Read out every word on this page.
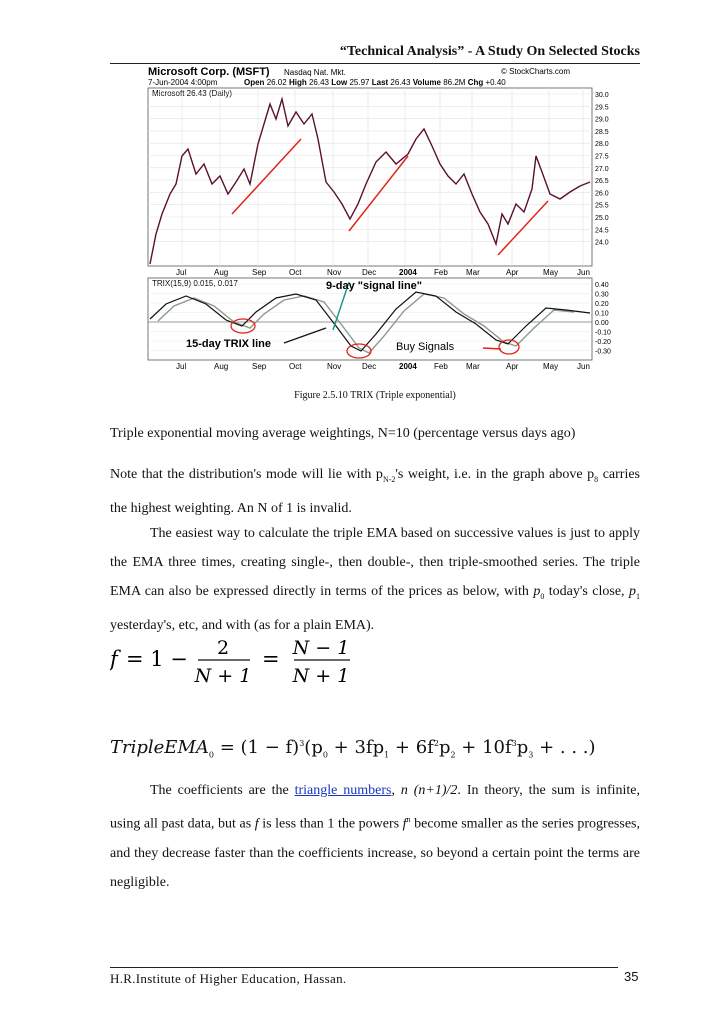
“Technical Analysis” - A Study On Selected Stocks
Microsoft Corp. (MSFT) Nasdaq Nat. Mkt.	© StockCharts.com
7-Jun-2004 4:00pm	Open 26.02 High 26.43 Low 25.97 Last 26.43 Volume 86.2M Chg +0.40
Microsoft 26.43 (Daily)	30.0
29.5
29.0
28.5
28.0
27.5
27.0
26.5
26.0
25.5
25.0
24.5
24.0
Jul	Aug	Sep	Oct	Nov	Dec	2004 Feb Mar	Apr	May Jun
TRIX(15,9) 0.015, 0.017	0.40
0.30
0.20
0.10
0.00
-0.10
-0.20
-0.30
9-day "signal line"
15-day TRIX line	Buy Signals
Jul	Aug	Sep	Oct	Nov	Dec	2004 Feb Mar	Apr	May Jun
Figure 2.5.10 TRIX (Triple exponential)
Triple exponential moving average weightings, N=10 (percentage versus days ago)
Note that the distribution's mode will lie with $p_{N-2}'s$ weight, i.e. in the graph above $p_8$ carries the highest weighting. An N of 1 is invalid.
The easiest way to calculate the triple EMA based on successive values is just to apply the EMA three times, creating single-, then double-, then triple-smoothed series. The triple EMA can also be expressed directly in terms of the prices as below, with $p_0$ today's close, $p_1$ yesterday's, etc, and with (as for a plain EMA).
f = 1 − 2
N + 1
= N − 1
N + 1
TripleEMA$_0$ = $(1 - f)^3(p_0 + 3fp_1 + 6f^2p_2 + 10f^3p_3$ + . . .)
The coefficients are the triangle numbers, n (n+1)/2. In theory, the sum is infinite, using all past data, but as f is less than 1 the powers $f^n$ become smaller as the series progresses, and they decrease faster than the coefficients increase, so beyond a certain point the terms are negligible.
H.R.Institute of Higher Education, Hassan.	35
